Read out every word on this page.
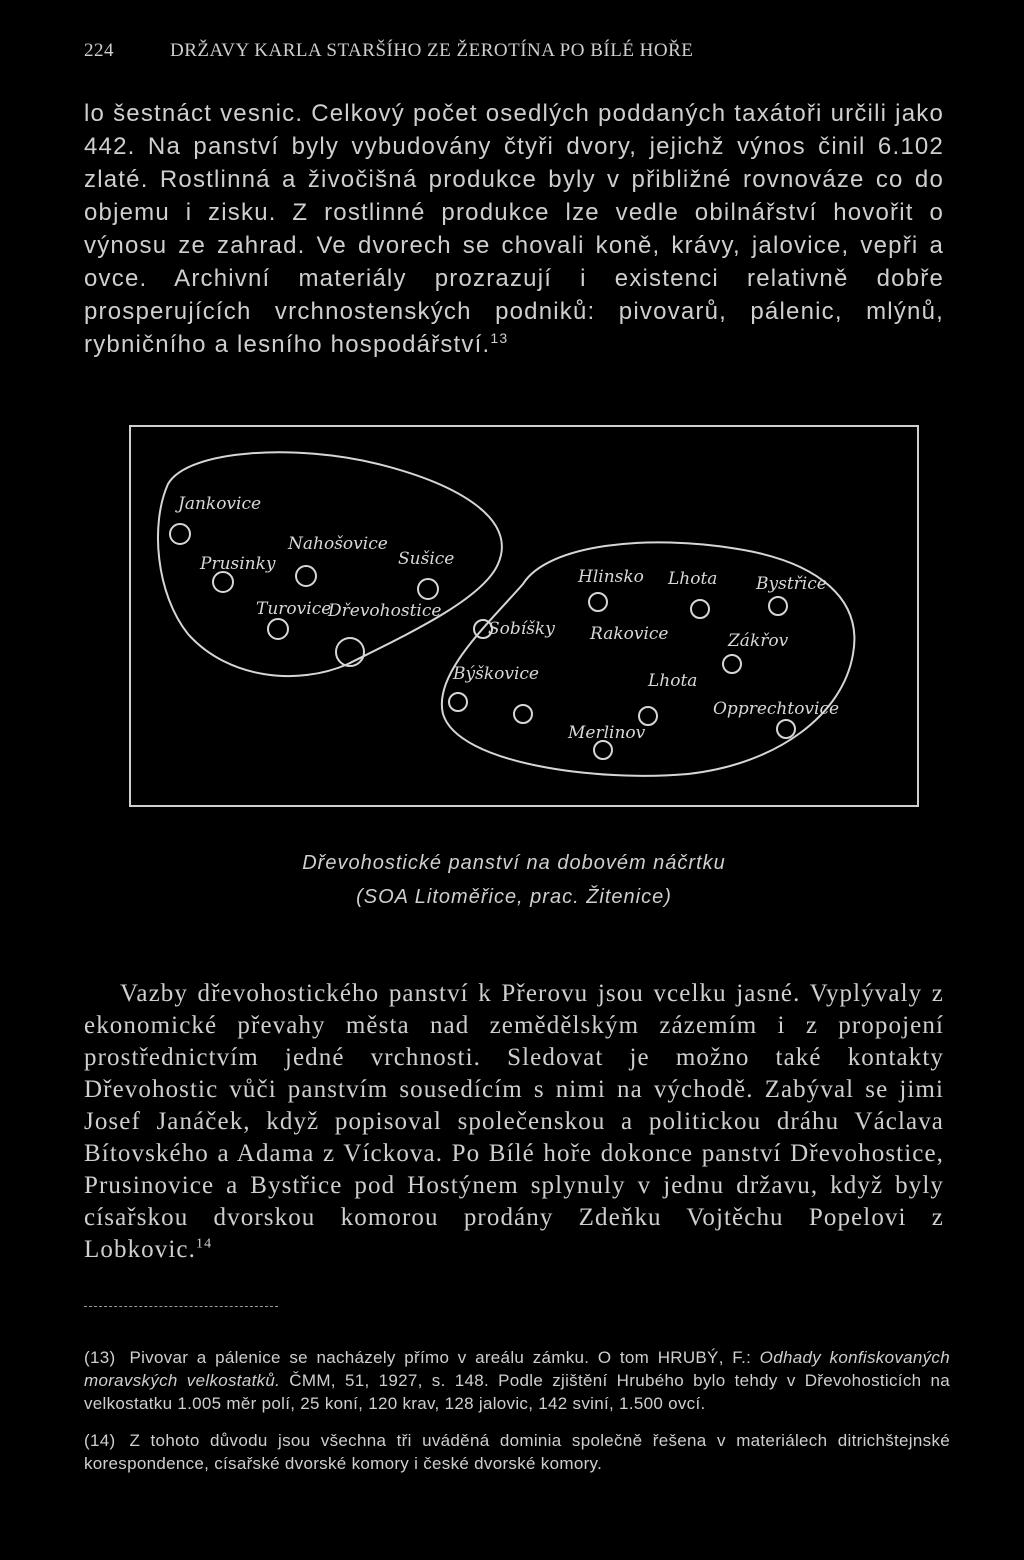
224	DRŽAVY KARLA STARŠÍHO ZE ŽEROTÍNA PO BÍLÉ HOŘE

lo šestnáct vesnic. Celkový počet osedlých poddaných taxátoři určili jako 442. Na panství byly vybudovány čtyři dvory, jejichž výnos činil 6.102 zlaté. Rostlinná a živočišná produkce byly v přibližné rovnováze co do objemu i zisku. Z rostlinné produkce lze vedle obilnářství hovořit o výnosu ze zahrad. Ve dvorech se chovali koně, krávy, jalovice, vepři a ovce. Archivní materiály prozrazují i existenci relativně dobře prosperujících vrchnostenských podniků: pivovarů, pálenic, mlýnů, rybničního a lesního hospodářství.$^{13}$

Jankovice
Prusinky
Nahošovice
Sušice
Turovice
Dřevohostice
Hlinsko Lhota Bystřice
Sobíšky Rakovice	Zákřov
Býškovice	Lhota
Opprechtovice
Merlinov
Dřevohostické panství na dobovém náčrtku
(SOA Litoměřice, prac. Žitenice)

Vazby dřevohostického panství k Přerovu jsou vcelku jasné. Vyplývaly z ekonomické převahy města nad zemědělským zázemím i z propojení prostřednictvím jedné vrchnosti. Sledovat je možno také kontakty Dřevohostic vůči panstvím sousedícím s nimi na východě. Zabýval se jimi Josef Janáček, když popisoval společenskou a politickou dráhu Václava Bítovského a Adama z Víckova. Po Bílé hoře dokonce panství Dřevohostice, Prusinovice a Bystřice pod Hostýnem splynuly v jednu državu, když byly císařskou dvorskou komorou prodány Zdeňku Vojtěchu Popelovi z Lobkovic.$^{14}$

(13) Pivovar a pálenice se nacházely přímo v areálu zámku. O tom HRUBÝ, F.: Odhady konfiskovaných moravských velkostatků. ČMM, 51, 1927, s. 148. Podle zjištění Hrubého bylo tehdy v Dřevohosticích na velkostatku 1.005 měr polí, 25 koní, 120 krav, 128 jalovic, 142 sviní, 1.500 ovcí.

(14) Z tohoto důvodu jsou všechna tři uváděná dominia společně řešena v materiálech ditrichštejnské korespondence, císařské dvorské komory i české dvorské komory.
